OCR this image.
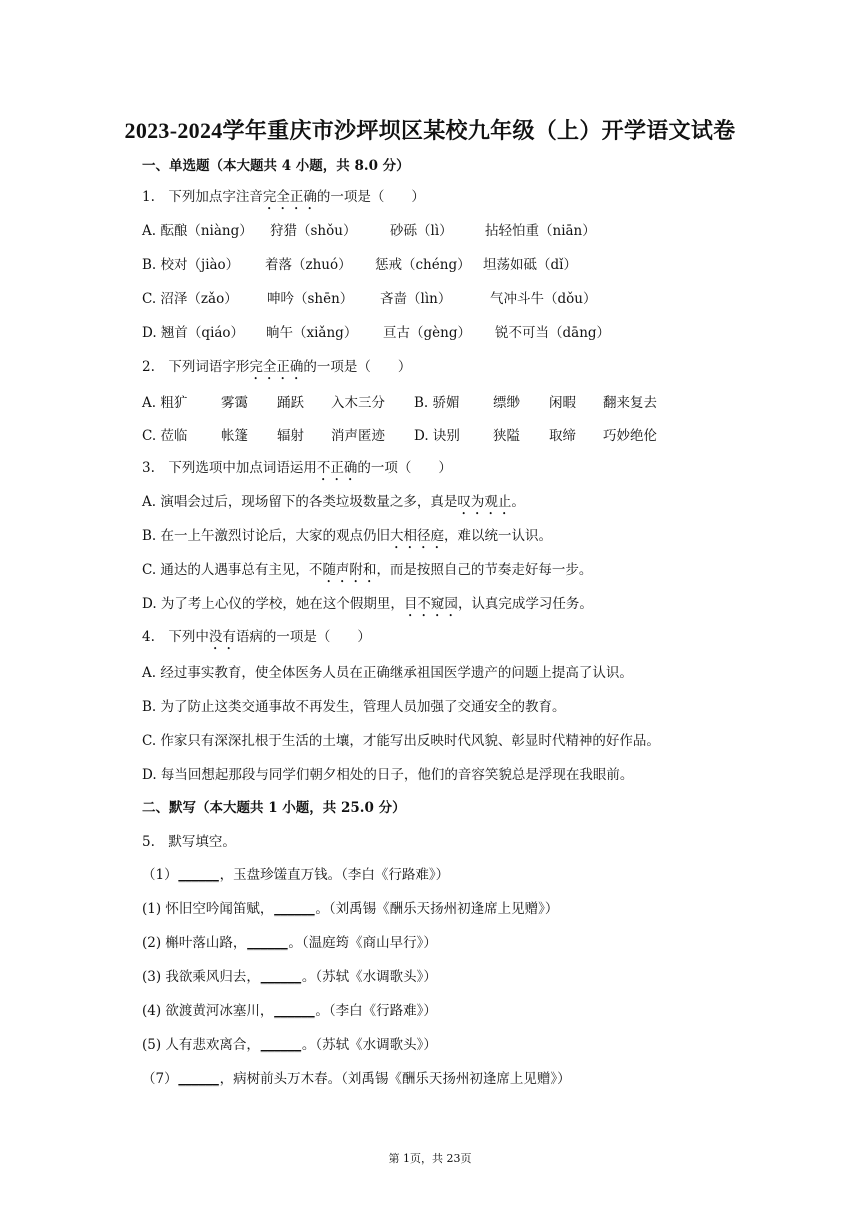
2023-2024学年重庆市沙坪坝区某校九年级（上）开学语文试卷
一、单选题（本大题共 4 小题，共 8.0 分）
1.　下列加点字注音完全正确的一项是（　　）
A. 酝酿（niàng） 狩猎（shǒu） 砂砾（lì） 拈轻怕重（niān）
B. 校对（jiào） 着落（zhuó） 惩戒（chéng） 坦荡如砥（dǐ）
C. 沼泽（zǎo） 呻吟（shēn） 吝啬（lìn）	气冲斗牛（dǒu）
D. 翘首（qiáo） 晌午（xiǎng） 亘古（gèng） 锐不可当（dāng）
2.　下列词语字形完全正确的一项是（　　）
A. 粗犷 雾霭 踊跃 入木三分 B. 骄媚 缥缈 闲暇 翻来复去
C. 莅临 帐篷 辐射 消声匿迹 D. 诀别 狭隘 取缔 巧妙绝伦
3.　下列选项中加点词语运用不正确的一项（　　）
A. 演唱会过后，现场留下的各类垃圾数量之多，真是叹为观止。
B. 在一上午激烈讨论后，大家的观点仍旧大相径庭，难以统一认识。
C. 通达的人遇事总有主见，不随声附和，而是按照自己的节奏走好每一步。
D. 为了考上心仪的学校，她在这个假期里，目不窥园，认真完成学习任务。
4.　下列中没有语病的一项是（　　）
A. 经过事实教育，使全体医务人员在正确继承祖国医学遗产的问题上提高了认识。
B. 为了防止这类交通事故不再发生，管理人员加强了交通安全的教育。
C. 作家只有深深扎根于生活的土壤，才能写出反映时代风貌、彰显时代精神的好作品。
D. 每当回想起那段与同学们朝夕相处的日子，他们的音容笑貌总是浮现在我眼前。
二、默写（本大题共 1 小题，共 25.0 分）
5.　默写填空。
（1）______，玉盘珍馐直万钱。（李白《行路难》）
(1) 怀旧空吟闻笛赋，______。（刘禹锡《酬乐天扬州初逢席上见赠》）
(2) 槲叶落山路，______。（温庭筠《商山早行》）
(3) 我欲乘风归去，______。（苏轼《水调歌头》）
(4) 欲渡黄河冰塞川，______。（李白《行路难》）
(5) 人有悲欢离合，______。（苏轼《水调歌头》）
（7）______，病树前头万木春。（刘禹锡《酬乐天扬州初逢席上见赠》）
第 1页，共 23页
